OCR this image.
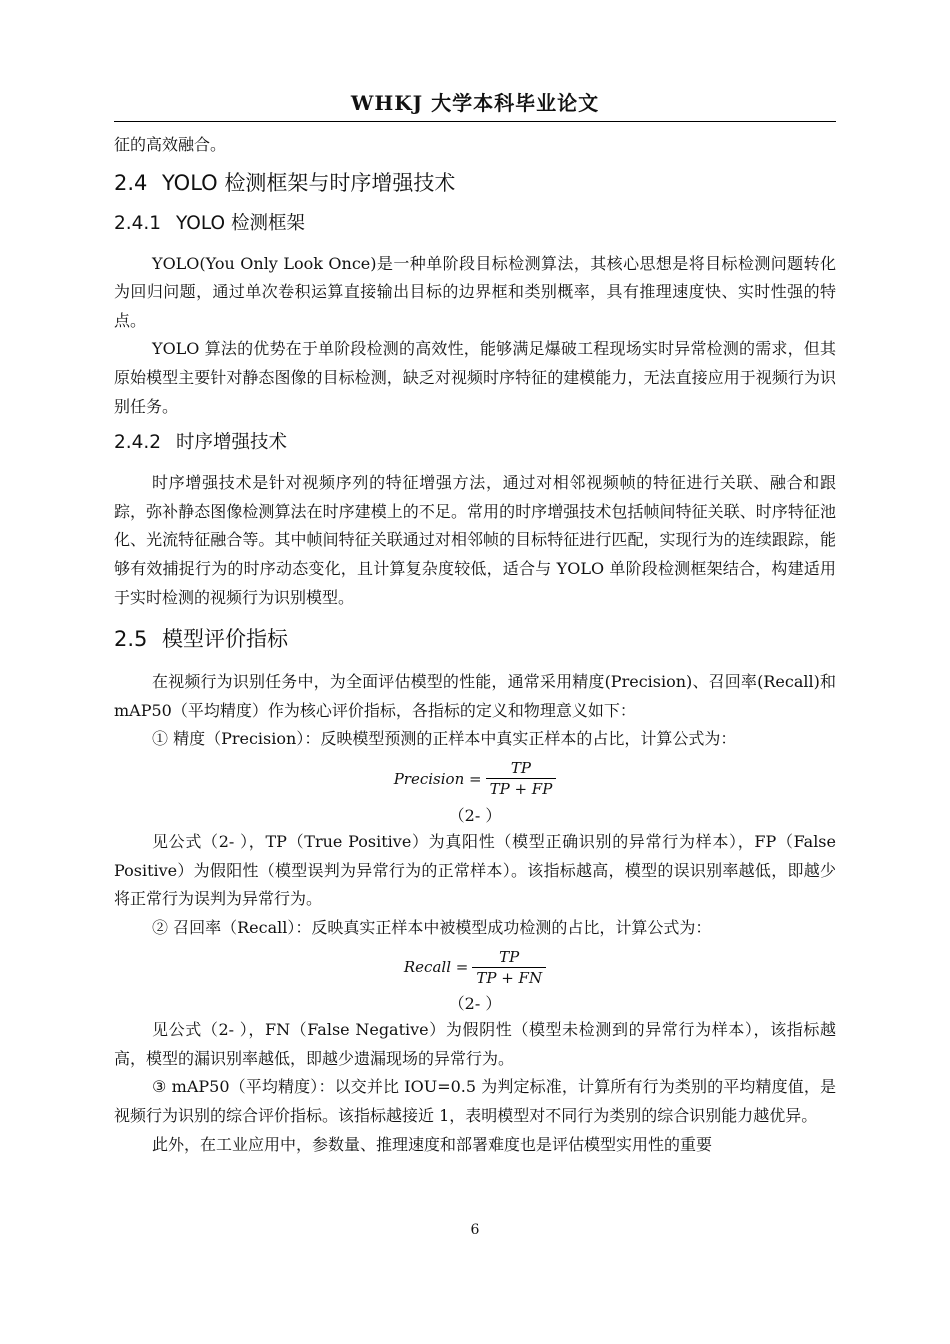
WHKJ 大学本科毕业论文

征的高效融合。

2.4 YOLO 检测框架与时序增强技术
2.4.1 YOLO 检测框架

YOLO(You Only Look Once)是一种单阶段目标检测算法，其核心思想是将目标检测问题转化为回归问题，通过单次卷积运算直接输出目标的边界框和类别概率，具有推理速度快、实时性强的特点。

YOLO 算法的优势在于单阶段检测的高效性，能够满足爆破工程现场实时异常检测的需求，但其原始模型主要针对静态图像的目标检测，缺乏对视频时序特征的建模能力，无法直接应用于视频行为识别任务。

2.4.2 时序增强技术

时序增强技术是针对视频序列的特征增强方法，通过对相邻视频帧的特征进行关联、融合和跟踪，弥补静态图像检测算法在时序建模上的不足。常用的时序增强技术包括帧间特征关联、时序特征池化、光流特征融合等。其中帧间特征关联通过对相邻帧的目标特征进行匹配，实现行为的连续跟踪，能够有效捕捉行为的时序动态变化，且计算复杂度较低，适合与 YOLO 单阶段检测框架结合，构建适用于实时检测的视频行为识别模型。

2.5 模型评价指标

在视频行为识别任务中，为全面评估模型的性能，通常采用精度(Precision)、召回率(Recall)和 mAP50（平均精度）作为核心评价指标，各指标的定义和物理意义如下：

① 精度（Precision）：反映模型预测的正样本中真实正样本的占比，计算公式为：

Precision = $\frac{TP}{TP + FP}$
（2- ）

见公式（2- ），TP（True Positive）为真阳性（模型正确识别的异常行为样本），FP（False Positive）为假阳性（模型误判为异常行为的正常样本）。该指标越高，模型的误识别率越低，即越少将正常行为误判为异常行为。

② 召回率（Recall）：反映真实正样本中被模型成功检测的占比，计算公式为：

Recall = $\frac{TP}{TP + FN}$
（2- ）

见公式（2- ），FN（False Negative）为假阴性（模型未检测到的异常行为样本），该指标越高，模型的漏识别率越低，即越少遗漏现场的异常行为。

③ mAP50（平均精度）：以交并比 IOU=0.5 为判定标准，计算所有行为类别的平均精度值，是视频行为识别的综合评价指标。该指标越接近 1，表明模型对不同行为类别的综合识别能力越优异。

此外，在工业应用中，参数量、推理速度和部署难度也是评估模型实用性的重要

6
